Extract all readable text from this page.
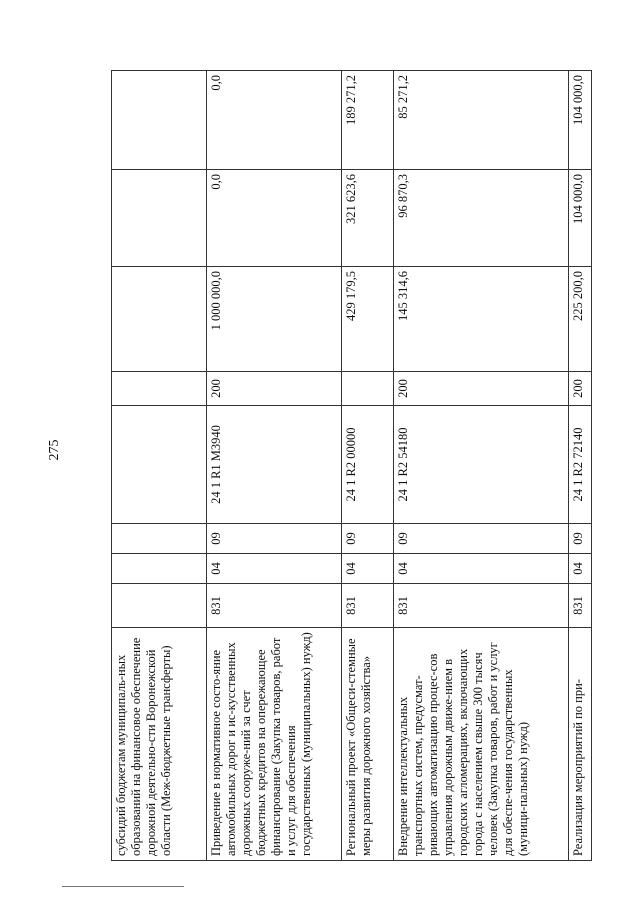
275
субсидий бюджетам муниципаль-ных образований на финансовое обеспечение дорожной деятельно-сти Воронежской области (Меж-бюджетные трансферты)								
Приведение в нормативное состо-яние автомобильных дорог и ис-кусственных дорожных сооруже-ний за счет бюджетных кредитов на опережающее финансирование (Закупка товаров, работ и услуг для обеспечения государственных (муниципальных) нужд)	831	04	09	24 1 R1 M3940	200	1 000 000,0	0,0	0,0
Региональный проект «Общеси-стемные меры развития дорожного хозяйства»	831	04	09	24 1 R2 00000		429 179,5	321 623,6	189 271,2
Внедрение интеллектуальных транспортных систем, предусмат-ривающих автоматизацию процес-сов управления дорожным движе-нием в городских агломерациях, включающих города с населением свыше 300 тысяч человек (Закупка товаров, работ и услуг для обеспе-чения государственных (муници-пальных) нужд)	831	04	09	24 1 R2 54180	200	145 314,6	96 870,3	85 271,2
Реализация мероприятий по при-	831	04	09	24 1 R2 72140	200	225 200,0	104 000,0	104 000,0
